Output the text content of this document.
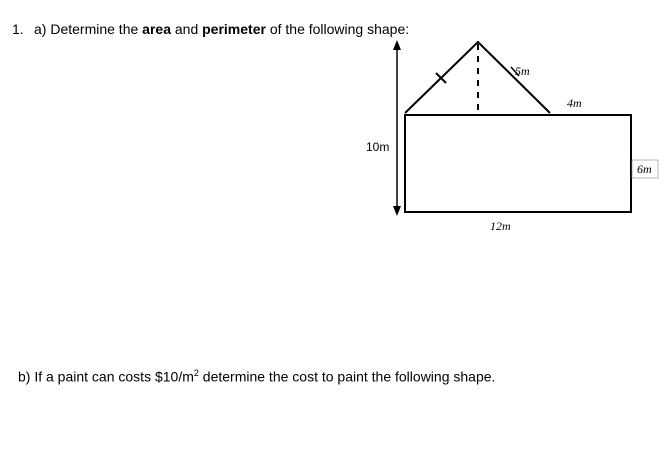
1. a) Determine the area and perimeter of the following shape:
5m
4m
10m
6m
12m
b) If a paint can costs $\$10/m^2$ determine the cost to paint the following shape.
